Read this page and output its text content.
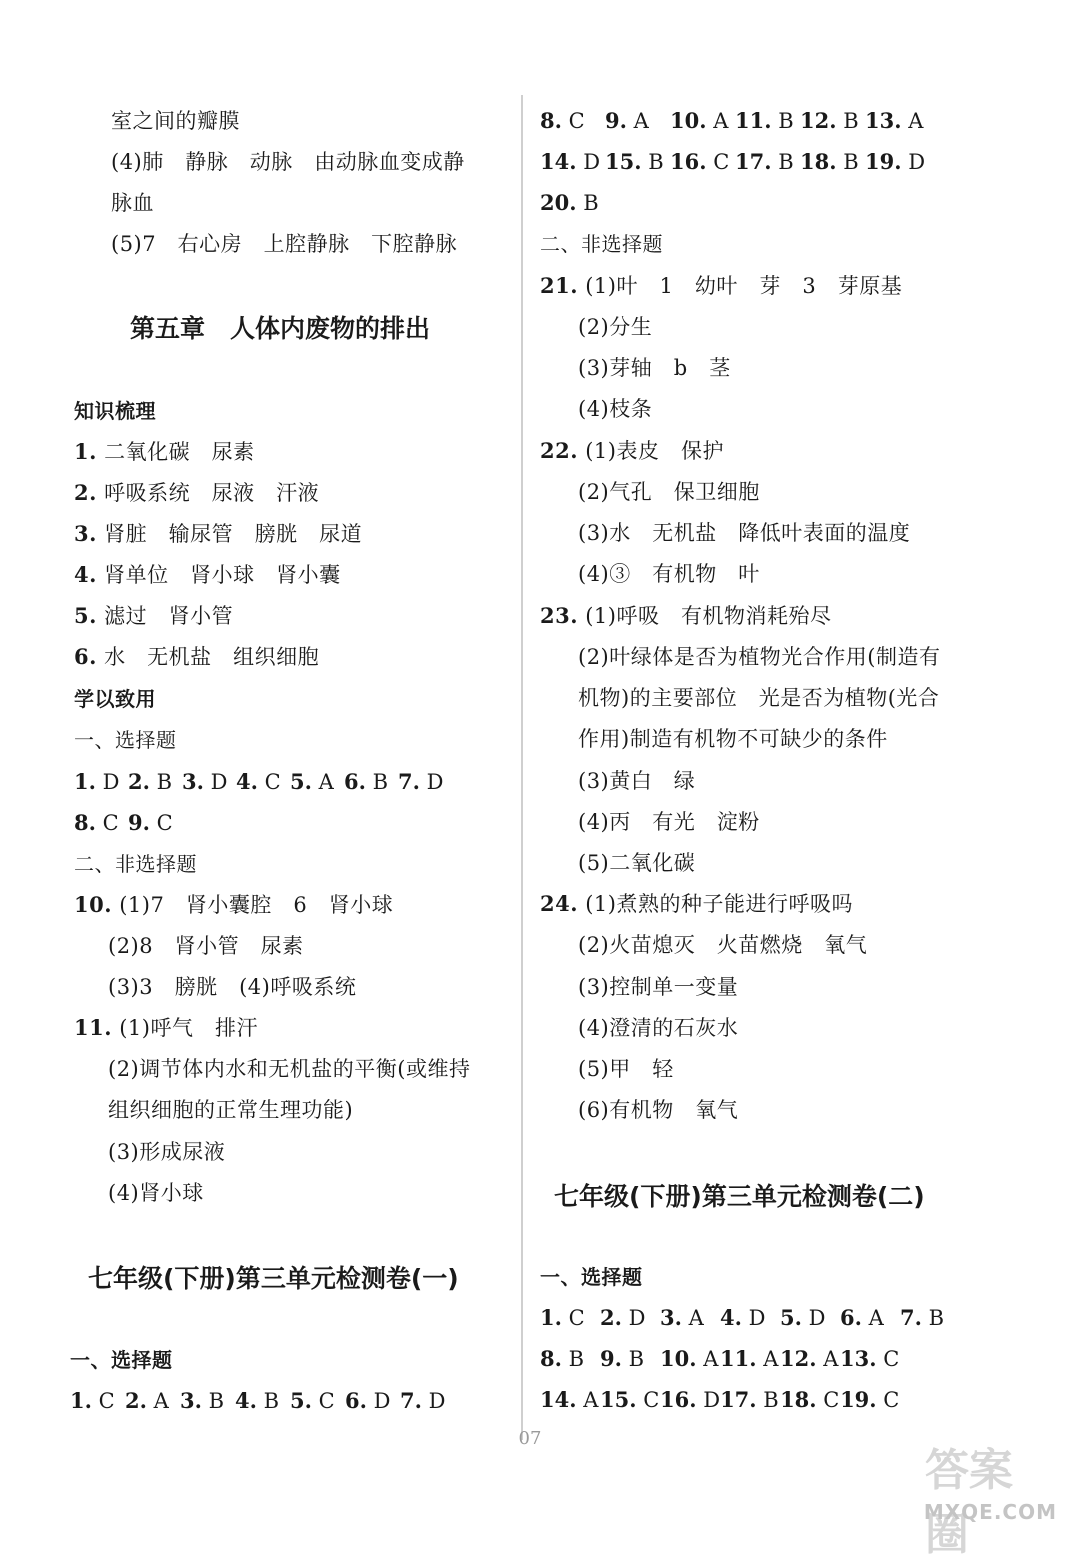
室之间的瓣膜
(4)肺　静脉　动脉　由动脉血变成静
脉血
(5)7　右心房　上腔静脉　下腔静脉
第五章　人体内废物的排出
知识梳理
1. 二氧化碳　尿素
2. 呼吸系统　尿液　汗液
3. 肾脏　输尿管　膀胱　尿道
4. 肾单位　肾小球　肾小囊
5. 滤过　肾小管
6. 水　无机盐　组织细胞
学以致用
一、选择题
1. D 2. B 3. D 4. C 5. A 6. B 7. D
8. C 9. C
二、非选择题
10. (1)7　肾小囊腔　6　肾小球
(2)8　肾小管　尿素
(3)3　膀胱　(4)呼吸系统
11. (1)呼气　排汗
(2)调节体内水和无机盐的平衡(或维持
组织细胞的正常生理功能)
(3)形成尿液
(4)肾小球
七年级(下册)第三单元检测卷(一)
一、选择题
1. C 2. A 3. B 4. B 5. C 6. D 7. D
8. C 9. A 10. A 11. B 12. B 13. A
14. D 15. B 16. C 17. B 18. B 19. D
20. B
二、非选择题
21. (1)叶　1　幼叶　芽　3　芽原基
(2)分生
(3)芽轴　b　茎
(4)枝条
22. (1)表皮　保护
(2)气孔　保卫细胞
(3)水　无机盐　降低叶表面的温度
(4)③　有机物　叶
23. (1)呼吸　有机物消耗殆尽
(2)叶绿体是否为植物光合作用(制造有
机物)的主要部位　光是否为植物(光合
作用)制造有机物不可缺少的条件
(3)黄白　绿
(4)丙　有光　淀粉
(5)二氧化碳
24. (1)煮熟的种子能进行呼吸吗
(2)火苗熄灭　火苗燃烧　氧气
(3)控制单一变量
(4)澄清的石灰水
(5)甲　轻
(6)有机物　氧气
七年级(下册)第三单元检测卷(二)
一、选择题
1. C 2. D 3. A 4. D 5. D 6. A 7. B
8. B 9. B 10. A11. A12. A13. C
14. A15. C16. D17. B18. C19. C
07
答案圈
MXQE.COM
